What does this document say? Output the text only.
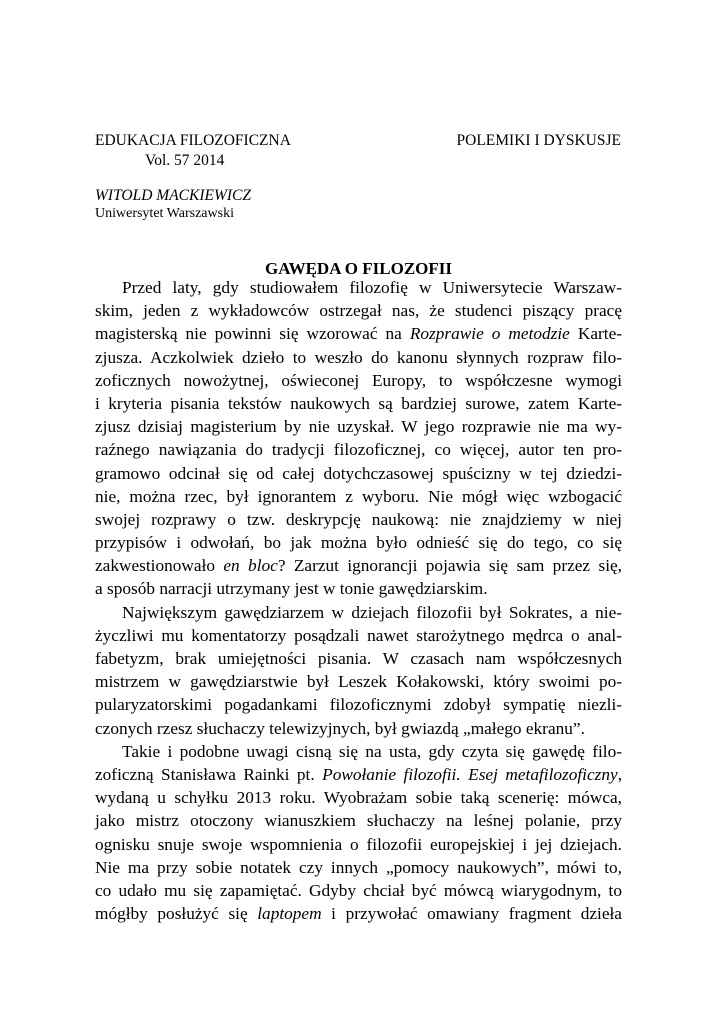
EDUKACJA FILOZOFICZNA
Vol. 57 2014
POLEMIKI I DYSKUSJE
WITOLD MACKIEWICZ
Uniwersytet Warszawski
GAWĘDA O FILOZOFII
Przed laty, gdy studiowałem filozofię w Uniwersytecie Warszaw-
skim, jeden z wykładowców ostrzegał nas, że studenci piszący pracę
magisterską nie powinni się wzorować na Rozprawie o metodzie Karte-
zjusza. Aczkolwiek dzieło to weszło do kanonu słynnych rozpraw filo-
zoficznych nowożytnej, oświeconej Europy, to współczesne wymogi
i kryteria pisania tekstów naukowych są bardziej surowe, zatem Karte-
zjusz dzisiaj magisterium by nie uzyskał. W jego rozprawie nie ma wy-
raźnego nawiązania do tradycji filozoficznej, co więcej, autor ten pro-
gramowo odcinał się od całej dotychczasowej spuścizny w tej dziedzi-
nie, można rzec, był ignorantem z wyboru. Nie mógł więc wzbogacić
swojej rozprawy o tzw. deskrypcję naukową: nie znajdziemy w niej
przypisów i odwołań, bo jak można było odnieść się do tego, co się
zakwestionowało en bloc? Zarzut ignorancji pojawia się sam przez się,
a sposób narracji utrzymany jest w tonie gawędziarskim.
Największym gawędziarzem w dziejach filozofii był Sokrates, a nie-
życzliwi mu komentatorzy posądzali nawet starożytnego mędrca o anal-
fabetyzm, brak umiejętności pisania. W czasach nam współczesnych
mistrzem w gawędziarstwie był Leszek Kołakowski, który swoimi po-
pularyzatorskimi pogadankami filozoficznymi zdobył sympatię niezli-
czonych rzesz słuchaczy telewizyjnych, był gwiazdą „małego ekranu”.
Takie i podobne uwagi cisną się na usta, gdy czyta się gawędę filo-
zoficzną Stanisława Rainki pt. Powołanie filozofii. Esej metafilozoficzny,
wydaną u schyłku 2013 roku. Wyobrażam sobie taką scenerię: mówca,
jako mistrz otoczony wianuszkiem słuchaczy na leśnej polanie, przy
ognisku snuje swoje wspomnienia o filozofii europejskiej i jej dziejach.
Nie ma przy sobie notatek czy innych „pomocy naukowych”, mówi to,
co udało mu się zapamiętać. Gdyby chciał być mówcą wiarygodnym, to
mógłby posłużyć się laptopem i przywołać omawiany fragment dzieła
